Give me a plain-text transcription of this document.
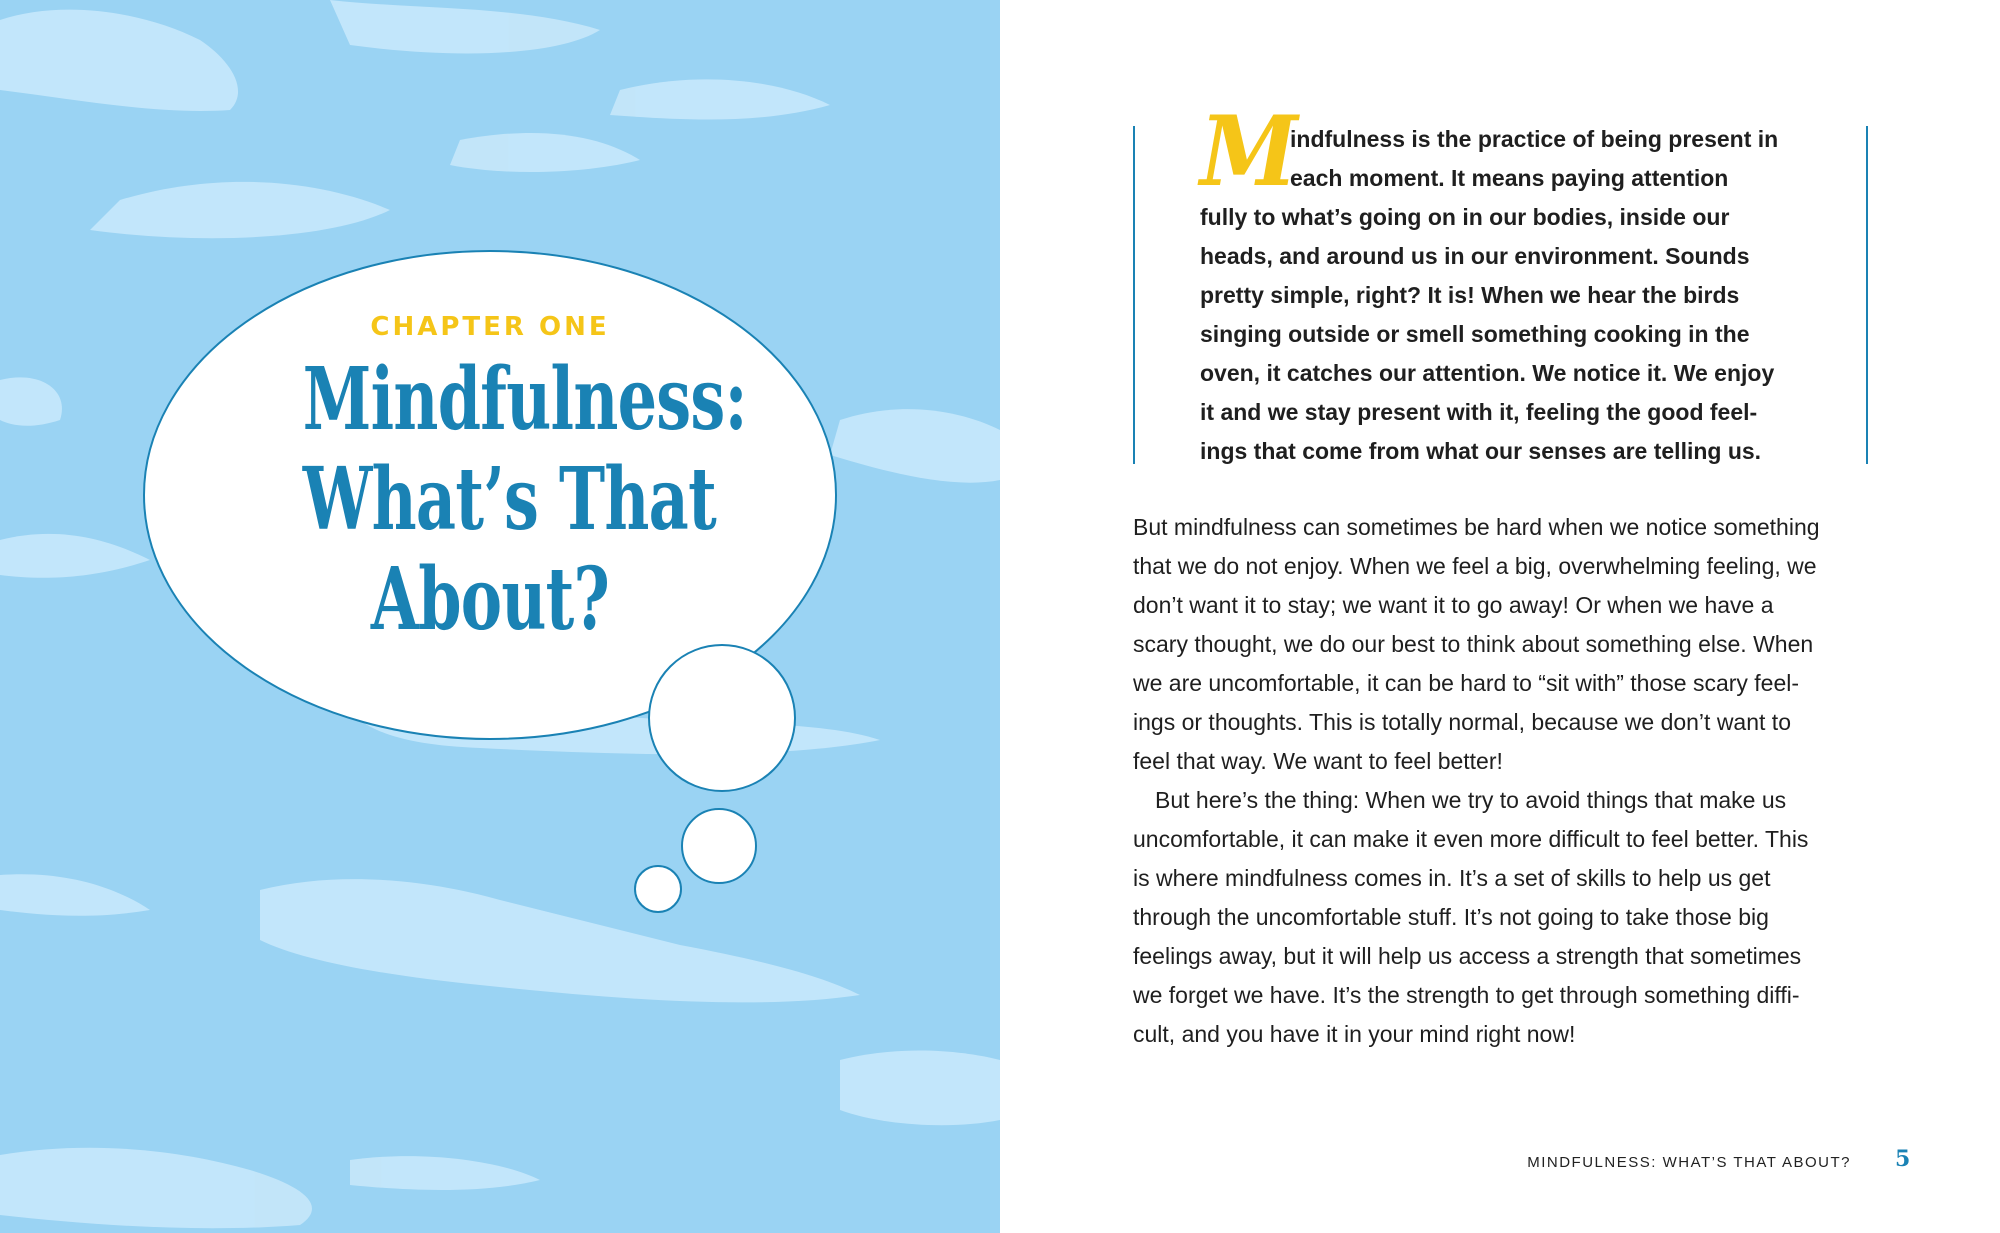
CHAPTER ONE
Mindfulness:
What’s That
About?
M
indfulness is the practice of being present in
each moment. It means paying attention
fully to what’s going on in our bodies, inside our
heads, and around us in our environment. Sounds
pretty simple, right? It is! When we hear the birds
singing outside or smell something cooking in the
oven, it catches our attention. We notice it. We enjoy
it and we stay present with it, feeling the good feel-
ings that come from what our senses are telling us.
But mindfulness can sometimes be hard when we notice something
that we do not enjoy. When we feel a big, overwhelming feeling, we
don’t want it to stay; we want it to go away! Or when we have a
scary thought, we do our best to think about something else. When
we are uncomfortable, it can be hard to “sit with” those scary feel-
ings or thoughts. This is totally normal, because we don’t want to
feel that way. We want to feel better!
But here’s the thing: When we try to avoid things that make us
uncomfortable, it can make it even more difficult to feel better. This
is where mindfulness comes in. It’s a set of skills to help us get
through the uncomfortable stuff. It’s not going to take those big
feelings away, but it will help us access a strength that sometimes
we forget we have. It’s the strength to get through something diffi-
cult, and you have it in your mind right now!
MINDFULNESS: WHAT’S THAT ABOUT? 5
